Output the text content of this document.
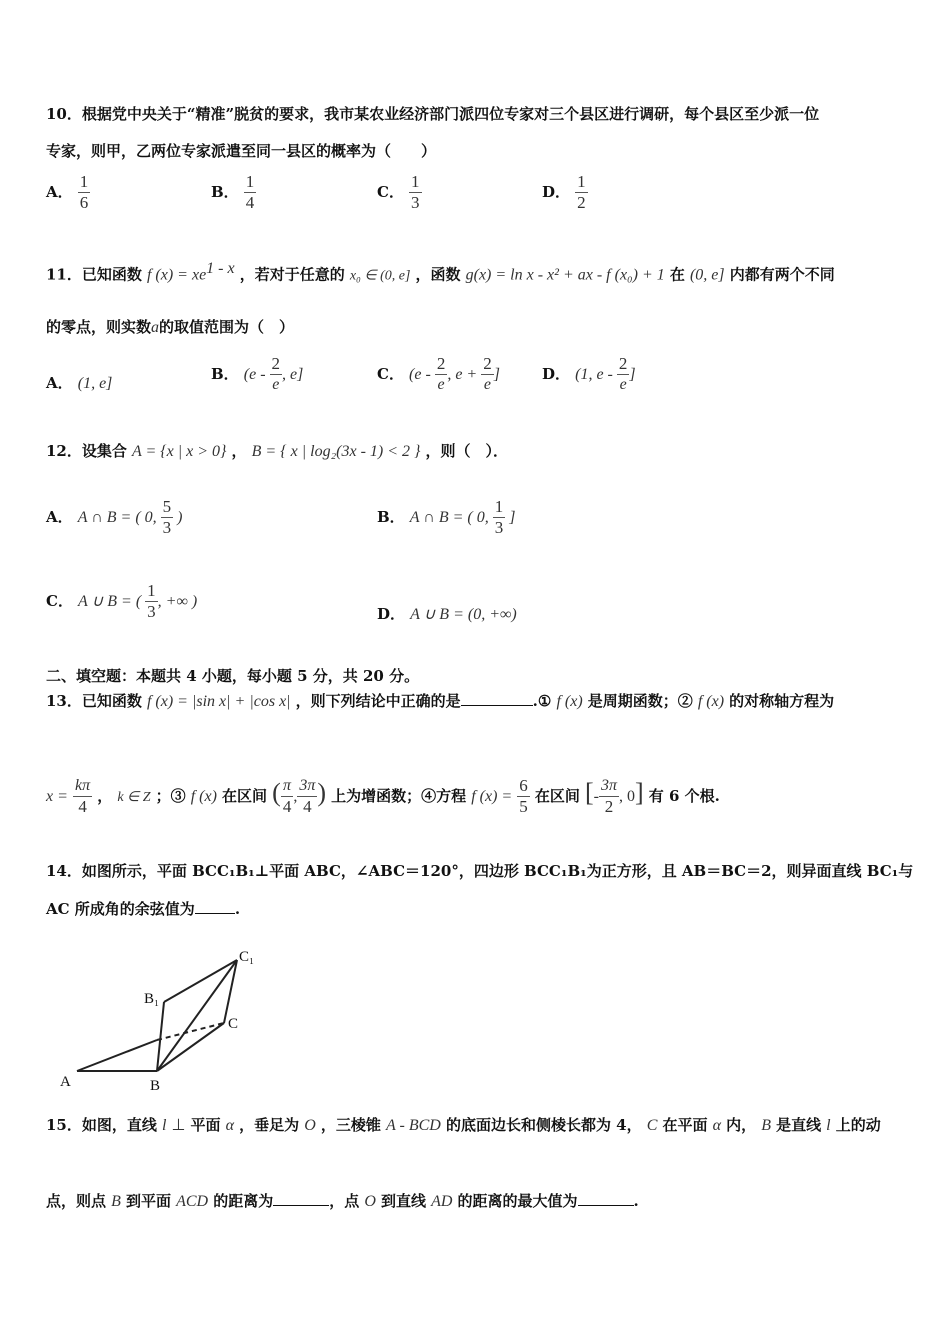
10．根据党中央关于“精准”脱贫的要求，我市某农业经济部门派四位专家对三个县区进行调研，每个县区至少派一位
专家，则甲，乙两位专家派遣至同一县区的概率为（　　）
A． $\frac{1}{6}$	B． $\frac{1}{4}$	C． $\frac{1}{3}$	D． $\frac{1}{2}$
11．已知函数 f $(x) = xe^{1 - x}$ ，若对于任意的 x₀ ∈ (0, e] ，函数 g(x) = ln x - x² + ax - f (x₀) + 1 在 (0, e] 内都有两个不同
的零点，则实数a的取值范围为（　）
A． (1, e]
B． ($e - \frac{2}{e}$ , e]	C． ($e - \frac{2}{e}$ , $e + \frac{2}{e}$ ]	D． (1, e - $\frac{2}{e}$ ]
12．设集合 A = {x | x > 0} ， B = { x | log₂(3x - 1) < 2 } ，则（　）．
A． A ∩ B = ( 0, $\frac{5}{3}$ )	B． A ∩ B = ( 0, $\frac{1}{3}$ ]
C． A ∪ B = ( $\frac{1}{3}$ , +∞ )
D． A ∪ B = (0, +∞)
二、填空题：本题共 4 小题，每小题 5 分，共 20 分。
13．已知函数 f (x) = |sin x| + |cos x| ，则下列结论中正确的是	.① f (x) 是周期函数；② f (x) 的对称轴方程为
$x = \frac{k\pi}{4}$ ， k ∈ Z ；③ f (x) 在区间 ( $\frac{\pi}{4}$ , $\frac{3\pi}{4}$ ) 上为增函数；④方程 f $(x) = \frac{6}{5}$ 在区间 [- $\frac{3\pi}{2}$ , 0] 有 6 个根.
14．如图所示，平面 BCC₁B₁⊥平面 ABC，∠ABC＝120°，四边形 BCC₁B₁为正方形，且 AB＝BC＝2，则异面直线 BC₁与
AC 所成角的余弦值为	.
A	B
C
B₁
C₁
15．如图，直线 l ⊥ 平面 α ，垂足为 O ，三棱锥 A - BCD 的底面边长和侧棱长都为 4， C 在平面 α 内， B 是直线 l 上的动
点，则点 B 到平面 ACD 的距离为	，点 O 到直线 AD 的距离的最大值为	.
